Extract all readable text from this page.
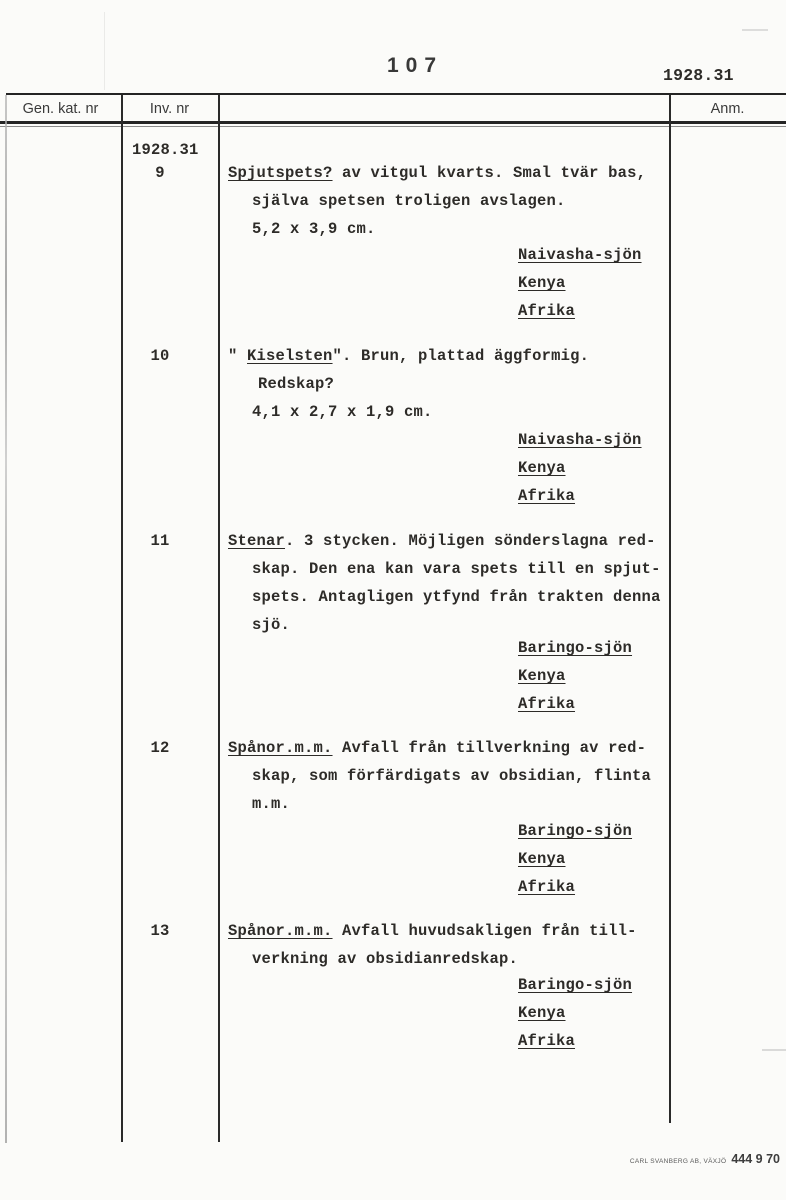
107	1928.31
Gen. kat. nr	Inv. nr	Anm.
1928.31
9	Spjutspets? av vitgul kvarts. Smal tvär bas,
själva spetsen troligen avslagen.
5,2 x 3,9 cm.
Naivasha-sjön
Kenya
Afrika
10	" Kiselsten". Brun, plattad äggformig.
Redskap?
4,1 x 2,7 x 1,9 cm.
Naivasha-sjön
Kenya
Afrika
11	Stenar. 3 stycken. Möjligen sönderslagna red-
skap. Den ena kan vara spets till en spjut-
spets. Antagligen ytfynd från trakten denna
sjö.
Baringo-sjön
Kenya
Afrika
12	Spånor.m.m. Avfall från tillverkning av red-
skap, som förfärdigats av obsidian, flinta
m.m.
Baringo-sjön
Kenya
Afrika
13	Spånor.m.m. Avfall huvudsakligen från till-
verkning av obsidianredskap.
Baringo-sjön
Kenya
Afrika
CARL SVANBERG AB, VÄXJÖ 444 9 70
